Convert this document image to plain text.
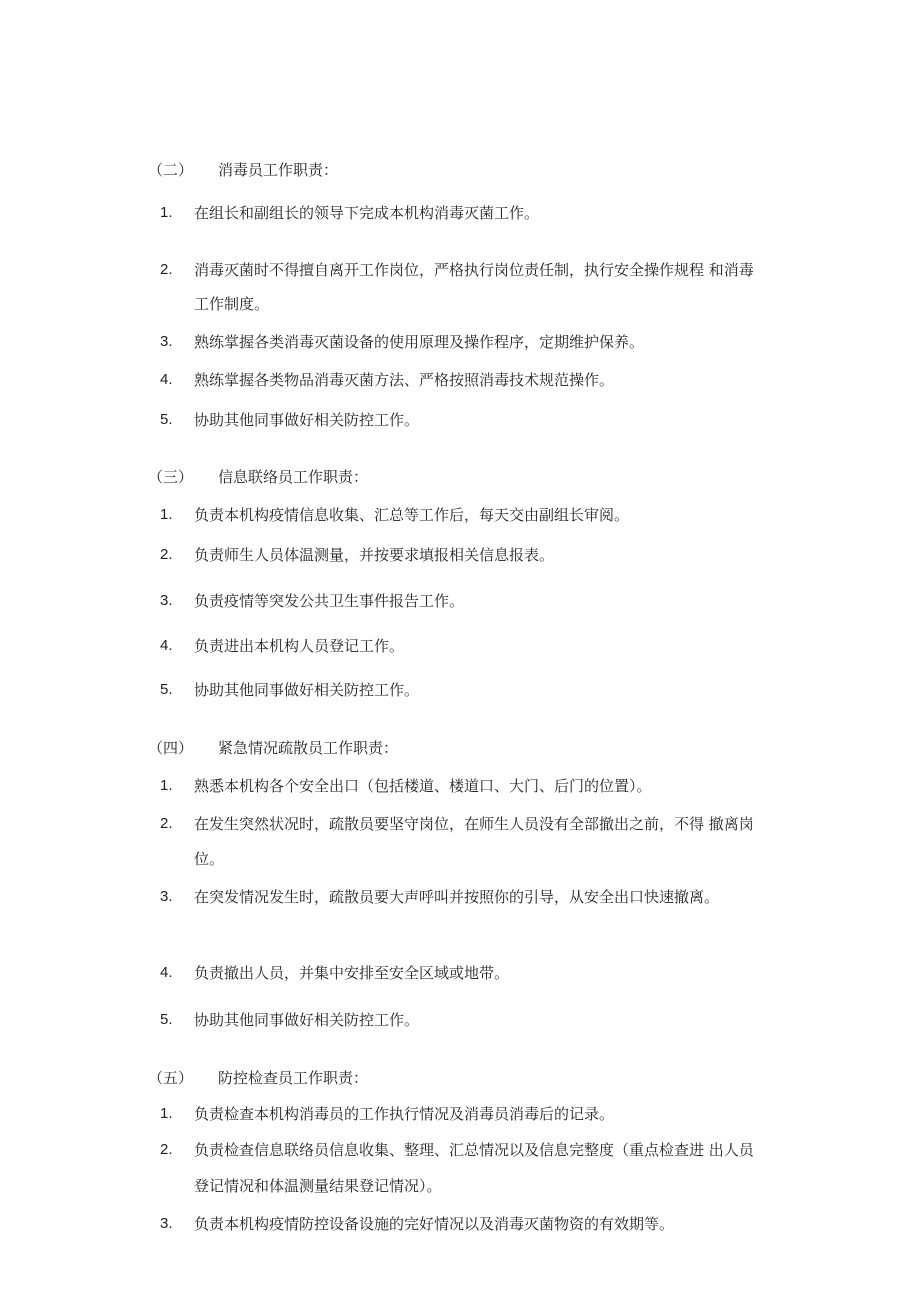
（二） 消毒员工作职责：
1. 在组长和副组长的领导下完成本机构消毒灭菌工作。
2. 消毒灭菌时不得擅自离开工作岗位，严格执行岗位责任制，执行安全操作规程 和消毒
工作制度。
3. 熟练掌握各类消毒灭菌设备的使用原理及操作程序，定期维护保养。
4. 熟练掌握各类物品消毒灭菌方法、严格按照消毒技术规范操作。
5. 协助其他同事做好相关防控工作。
（三） 信息联络员工作职责：
1. 负责本机构疫情信息收集、汇总等工作后，每天交由副组长审阅。
2. 负责师生人员体温测量，并按要求填报相关信息报表。
3. 负责疫情等突发公共卫生事件报告工作。
4. 负责进出本机构人员登记工作。
5. 协助其他同事做好相关防控工作。
（四） 紧急情况疏散员工作职责：
1. 熟悉本机构各个安全出口（包括楼道、楼道口、大门、后门的位置）。
2. 在发生突然状况时，疏散员要坚守岗位，在师生人员没有全部撤出之前，不得 撤离岗
位。
3. 在突发情况发生时，疏散员要大声呼叫并按照你的引导，从安全出口快速撤离。
4. 负责撤出人员，并集中安排至安全区域或地带。
5. 协助其他同事做好相关防控工作。
（五） 防控检查员工作职责：
1. 负责检查本机构消毒员的工作执行情况及消毒员消毒后的记录。
2. 负责检查信息联络员信息收集、整理、汇总情况以及信息完整度（重点检查进 出人员
登记情况和体温测量结果登记情况）。
3. 负责本机构疫情防控设备设施的完好情况以及消毒灭菌物资的有效期等。
